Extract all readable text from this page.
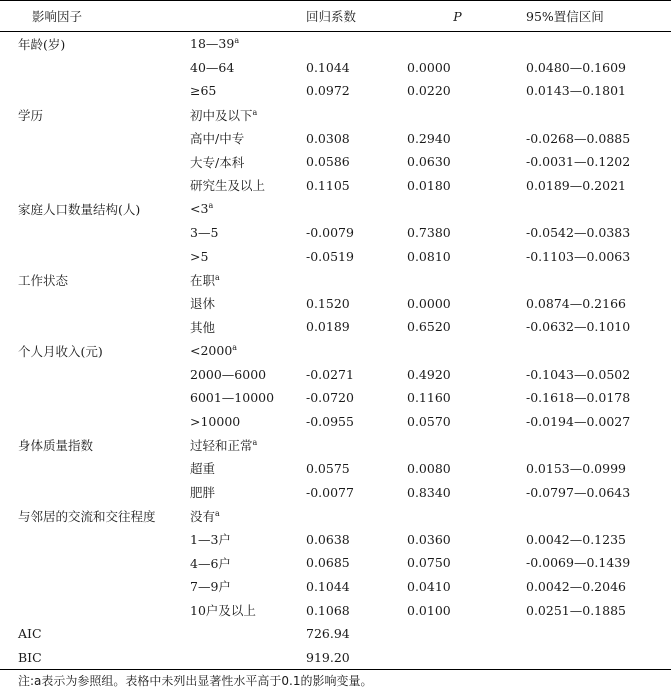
影响因子		回归系数	P	95%置信区间
年龄(岁)	18—39$^a$			
	40—64	0.1044	0.0000	0.0480—0.1609
	≥65	0.0972	0.0220	0.0143—0.1801
学历	初中及以下$^a$			
	高中/中专	0.0308	0.2940	-0.0268—0.0885
	大专/本科	0.0586	0.0630	-0.0031—0.1202
	研究生及以上	0.1105	0.0180	0.0189—0.2021
家庭人口数量结构(人)	$<3^a$			
	3—5	-0.0079	0.7380	-0.0542—0.0383
	>5	-0.0519	0.0810	-0.1103—0.0063
工作状态	在职$^a$			
	退休	0.1520	0.0000	0.0874—0.2166
	其他	0.0189	0.6520	-0.0632—0.1010
个人月收入(元)	$<2000^a$			
	2000—6000	-0.0271	0.4920	-0.1043—0.0502
	6001—10000	-0.0720	0.1160	-0.1618—0.0178
	>10000	-0.0955	0.0570	-0.0194—0.0027
身体质量指数	过轻和正常$^a$			
	超重	0.0575	0.0080	0.0153—0.0999
	肥胖	-0.0077	0.8340	-0.0797—0.0643
与邻居的交流和交往程度	没有$^a$			
	1—3户	0.0638	0.0360	0.0042—0.1235
	4—6户	0.0685	0.0750	-0.0069—0.1439
	7—9户	0.1044	0.0410	0.0042—0.2046
	10户及以上	0.1068	0.0100	0.0251—0.1885
AIC		726.94		
BIC		919.20		
注:a表示为参照组。表格中未列出显著性水平高于0.1的影响变量。
